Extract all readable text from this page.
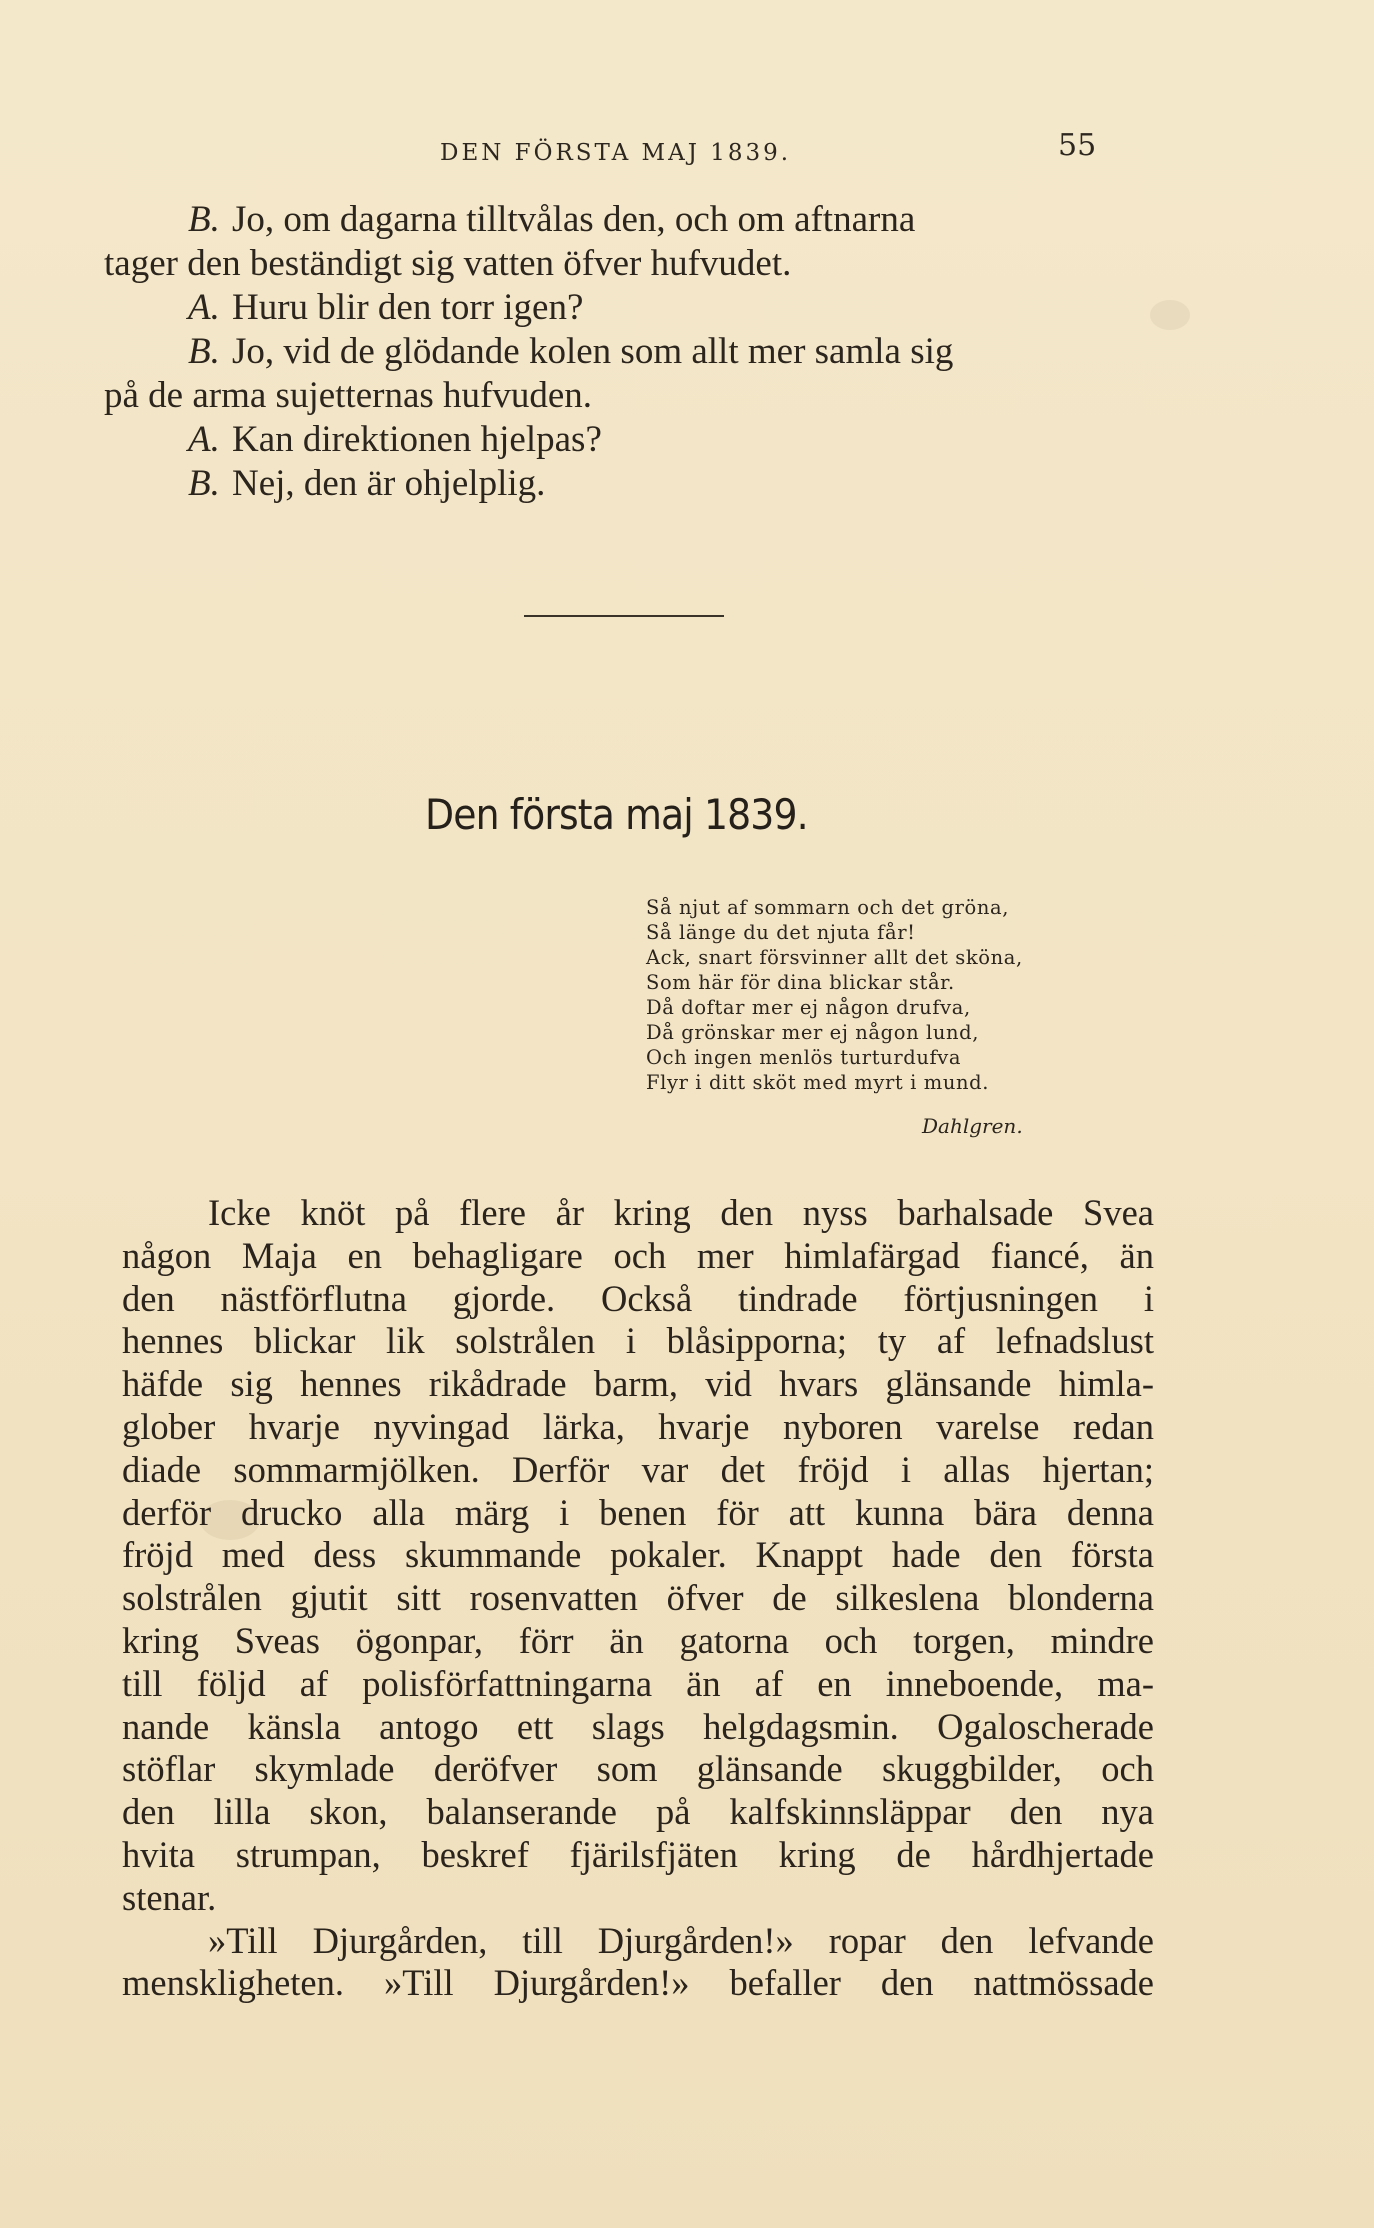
DEN FÖRSTA MAJ 1839.	55

B. Jo, om dagarna tilltvålas den, och om aftnarna

tager den beständigt sig vatten öfver hufvudet.

A. Huru blir den torr igen?

B. Jo, vid de glödande kolen som allt mer samla sig

på de arma sujetternas hufvuden.

A. Kan direktionen hjelpas?

B. Nej, den är ohjelplig.

Den första maj 1839.

Så njut af sommarn och det gröna,

Så länge du det njuta får!

Ack, snart försvinner allt det sköna,

Som här för dina blickar står.

Då doftar mer ej någon drufva,

Då grönskar mer ej någon lund,

Och ingen menlös turturdufva

Flyr i ditt sköt med myrt i mund.

Dahlgren.

Icke knöt på flere år kring den nyss barhalsade Svea

någon Maja en behagligare och mer himlafärgad fiancé, än

den nästförflutna gjorde. Också tindrade förtjusningen i

hennes blickar lik solstrålen i blåsipporna; ty af lefnadslust

häfde sig hennes rikådrade barm, vid hvars glänsande himla-

glober hvarje nyvingad lärka, hvarje nyboren varelse redan

diade sommarmjölken. Derför var det fröjd i allas hjertan;

derför drucko alla märg i benen för att kunna bära denna

fröjd med dess skummande pokaler. Knappt hade den första

solstrålen gjutit sitt rosenvatten öfver de silkeslena blonderna

kring Sveas ögonpar, förr än gatorna och torgen, mindre

till följd af polisförfattningarna än af en inneboende, ma-

nande känsla antogo ett slags helgdagsmin. Ogaloscherade

stöflar skymlade deröfver som glänsande skuggbilder, och

den lilla skon, balanserande på kalfskinnsläppar den nya

hvita strumpan, beskref fjärilsfjäten kring de hårdhjertade

stenar.

»Till Djurgården, till Djurgården!» ropar den lefvande

menskligheten. »Till Djurgården!» befaller den nattmössade
